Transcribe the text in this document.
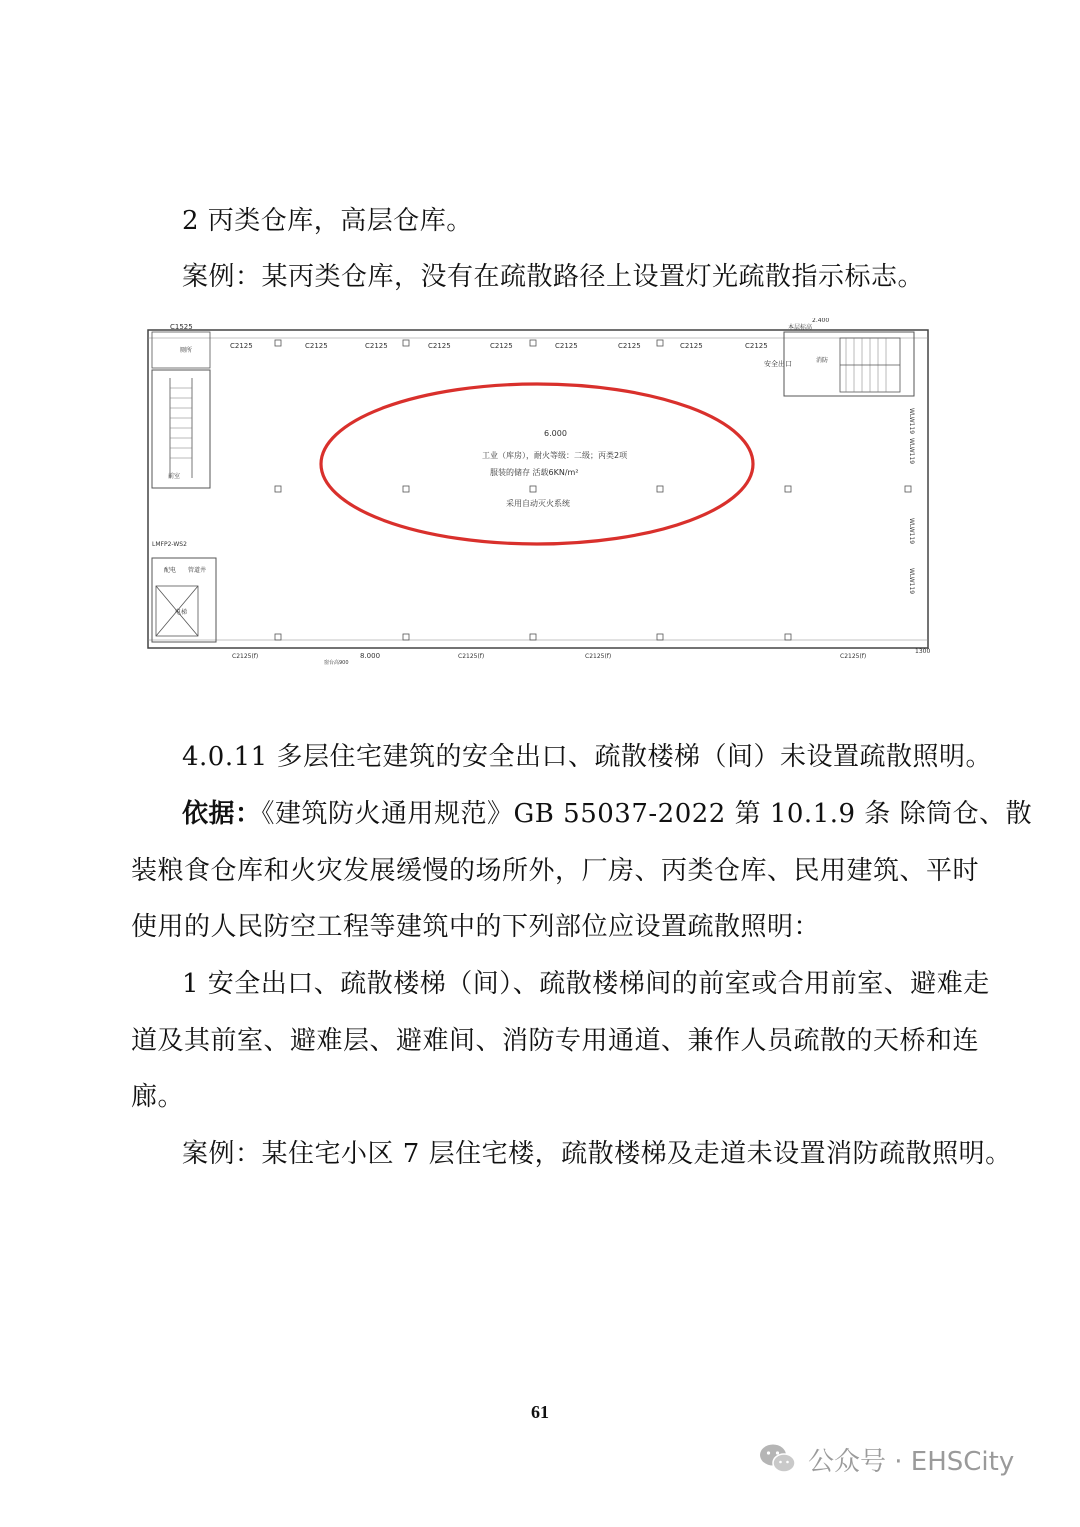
2 丙类仓库，高层仓库。
案例：某丙类仓库，没有在疏散路径上设置灯光疏散指示标志。
C1525
C2125	C2125	C2125	C2125	C2125	C2125	C2125	C2125	C2125
2.400
本层标高
安全出口
6.000
工业（库房），耐火等级：二级；丙类2项
服装的储存 活载6KN/m²
采用自动灭火系统
厕所
电梯
前室
配电 管道井
消防
LMFP2-WS2
WLW119
WLW119
WLW119
WLW119
C2125(f)	C2125(f)	C2125(f)	C2125(f)
8.000
窗台高900
1300
4.0.11 多层住宅建筑的安全出口、疏散楼梯（间）未设置疏散照明。
依据：《建筑防火通用规范》GB 55037-2022 第 10.1.9 条 除筒仓、散
装粮食仓库和火灾发展缓慢的场所外，厂房、丙类仓库、民用建筑、平时
使用的人民防空工程等建筑中的下列部位应设置疏散照明：
1 安全出口、疏散楼梯（间）、疏散楼梯间的前室或合用前室、避难走
道及其前室、避难层、避难间、消防专用通道、兼作人员疏散的天桥和连
廊。
案例：某住宅小区 7 层住宅楼，疏散楼梯及走道未设置消防疏散照明。
61
公众号 · EHSCity
